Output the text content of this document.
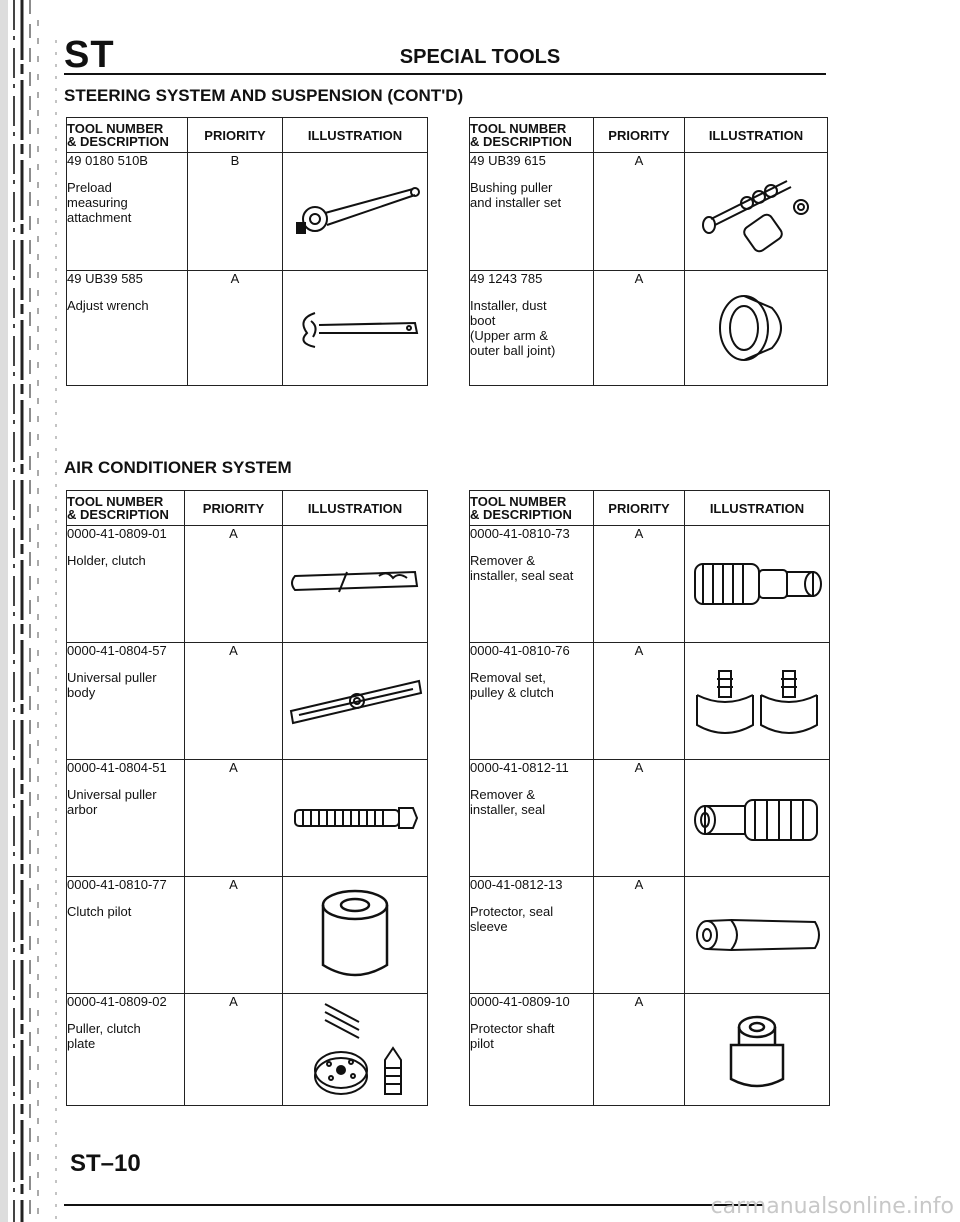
ST	SPECIAL TOOLS
STEERING SYSTEM AND SUSPENSION (CONT'D)
TOOL NUMBER
& DESCRIPTION	PRIORITY	ILLUSTRATION

49 0180 510B
Preload
measuring
attachment	B	

49 UB39 585
Adjust wrench	A	
TOOL NUMBER
& DESCRIPTION	PRIORITY	ILLUSTRATION

49 UB39 615
Bushing puller
and installer set	A	

49 1243 785
Installer, dust
boot
(Upper arm &
outer ball joint)	A	
AIR CONDITIONER SYSTEM
TOOL NUMBER
& DESCRIPTION	PRIORITY	ILLUSTRATION

0000-41-0809-01
Holder, clutch	A	

0000-41-0804-57
Universal puller
body	A	

0000-41-0804-51
Universal puller
arbor	A	

0000-41-0810-77
Clutch pilot	A	

0000-41-0809-02
Puller, clutch
plate	A	
TOOL NUMBER
& DESCRIPTION	PRIORITY	ILLUSTRATION

0000-41-0810-73
Remover &
installer, seal seat	A	

0000-41-0810-76
Removal set,
pulley & clutch	A	

0000-41-0812-11
Remover &
installer, seal	A	

000-41-0812-13
Protector, seal
sleeve	A	

0000-41-0809-10
Protector shaft
pilot	A	
ST–10
carmanualsonline.info
